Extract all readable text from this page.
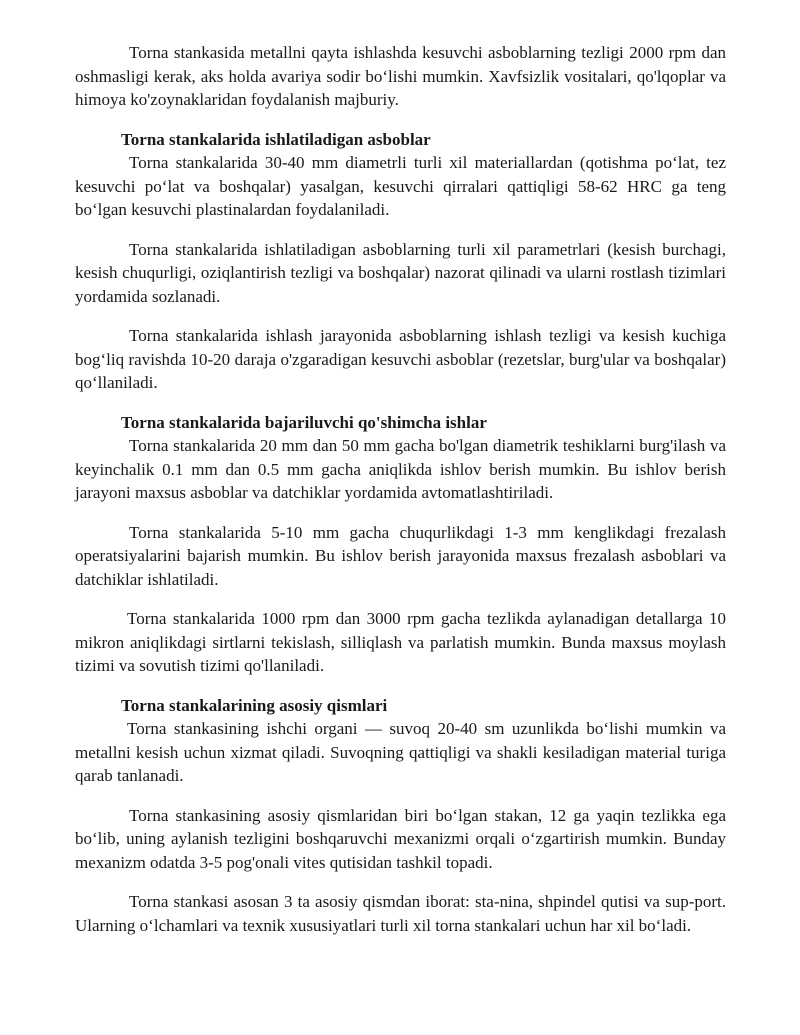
Torna stankasida metallni qayta ishlashda kesuvchi asboblarning tezligi 2000 rpm dan oshmasligi kerak, aks holda avariya sodir bo‘lishi mumkin. Xavfsizlik vositalari, qo'lqoplar va himoya ko'zoynaklaridan foydalanish majburiy.

Torna stankalarida ishlatiladigan asboblar

Torna stankalarida 30-40 mm diametrli turli xil materiallardan (qotishma po‘lat, tez kesuvchi po‘lat va boshqalar) yasalgan, kesuvchi qirralari qattiqligi 58-62 HRC ga teng bo‘lgan kesuvchi plastinalardan foydalaniladi.

Torna stankalarida ishlatiladigan asboblarning turli xil parametrlari (kesish burchagi, kesish chuqurligi, oziqlantirish tezligi va boshqalar) nazorat qilinadi va ularni rostlash tizimlari yordamida sozlanadi.

Torna stankalarida ishlash jarayonida asboblarning ishlash tezligi va kesish kuchiga bog‘liq ravishda 10-20 daraja o'zgaradigan kesuvchi asboblar (rezetslar, burg'ular va boshqalar) qo‘llaniladi.

Torna stankalarida bajariluvchi qo'shimcha ishlar

Torna stankalarida 20 mm dan 50 mm gacha bo'lgan diametrik teshiklarni burg'ilash va keyinchalik 0.1 mm dan 0.5 mm gacha aniqlikda ishlov berish mumkin. Bu ishlov berish jarayoni maxsus asboblar va datchiklar yordamida avtomatlashtiriladi.

Torna stankalarida 5-10 mm gacha chuqurlikdagi 1-3 mm kenglikdagi frezalash operatsiyalarini bajarish mumkin. Bu ishlov berish jarayonida maxsus frezalash asboblari va datchiklar ishlatiladi.

Torna stankalarida 1000 rpm dan 3000 rpm gacha tezlikda aylanadigan detallarga 10 mikron aniqlikdagi sirtlarni tekislash, silliqlash va parlatish mumkin. Bunda maxsus moylash tizimi va sovutish tizimi qo'llaniladi.

Torna stankalarining asosiy qismlari

Torna stankasining ishchi organi — suvoq 20-40 sm uzunlikda bo‘lishi mumkin va metallni kesish uchun xizmat qiladi. Suvoqning qattiqligi va shakli kesiladigan material turiga qarab tanlanadi.

Torna stankasining asosiy qismlaridan biri bo‘lgan stakan, 12 ga yaqin tezlikka ega bo‘lib, uning aylanish tezligini boshqaruvchi mexanizmi orqali o‘zgartirish mumkin. Bunday mexanizm odatda 3-5 pog'onali vites qutisidan tashkil topadi.

Torna stankasi asosan 3 ta asosiy qismdan iborat: sta-nina, shpindel qutisi va sup-port. Ularning o‘lchamlari va texnik xususiyatlari turli xil torna stankalari uchun har xil bo‘ladi.
